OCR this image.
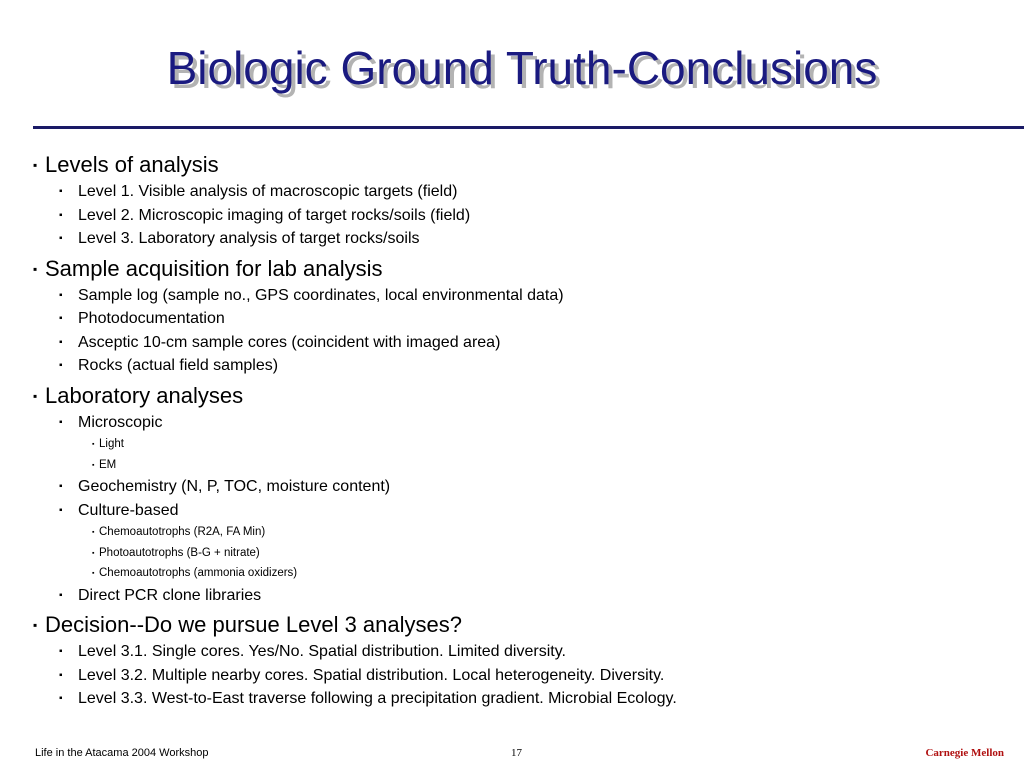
Biologic Ground Truth-Conclusions
▪ Levels of analysis
▪ Level 1. Visible analysis of macroscopic targets (field)
▪ Level 2. Microscopic imaging of target rocks/soils (field)
▪ Level 3. Laboratory analysis of target rocks/soils
▪ Sample acquisition for lab analysis
▪ Sample log (sample no., GPS coordinates, local environmental data)
▪ Photodocumentation
▪ Asceptic 10-cm sample cores (coincident with imaged area)
▪ Rocks (actual field samples)
▪ Laboratory analyses
▪ Microscopic
▪ Light
▪ EM
▪ Geochemistry (N, P, TOC, moisture content)
▪ Culture-based
▪ Chemoautotrophs (R2A, FA Min)
▪ Photoautotrophs (B-G + nitrate)
▪ Chemoautotrophs (ammonia oxidizers)
▪ Direct PCR clone libraries
▪ Decision--Do we pursue Level 3 analyses?
▪ Level 3.1. Single cores. Yes/No. Spatial distribution. Limited diversity.
▪ Level 3.2. Multiple nearby cores. Spatial distribution. Local heterogeneity. Diversity.
▪ Level 3.3. West-to-East traverse following a precipitation gradient. Microbial Ecology.
Life in the Atacama 2004 Workshop	17	Carnegie Mellon
